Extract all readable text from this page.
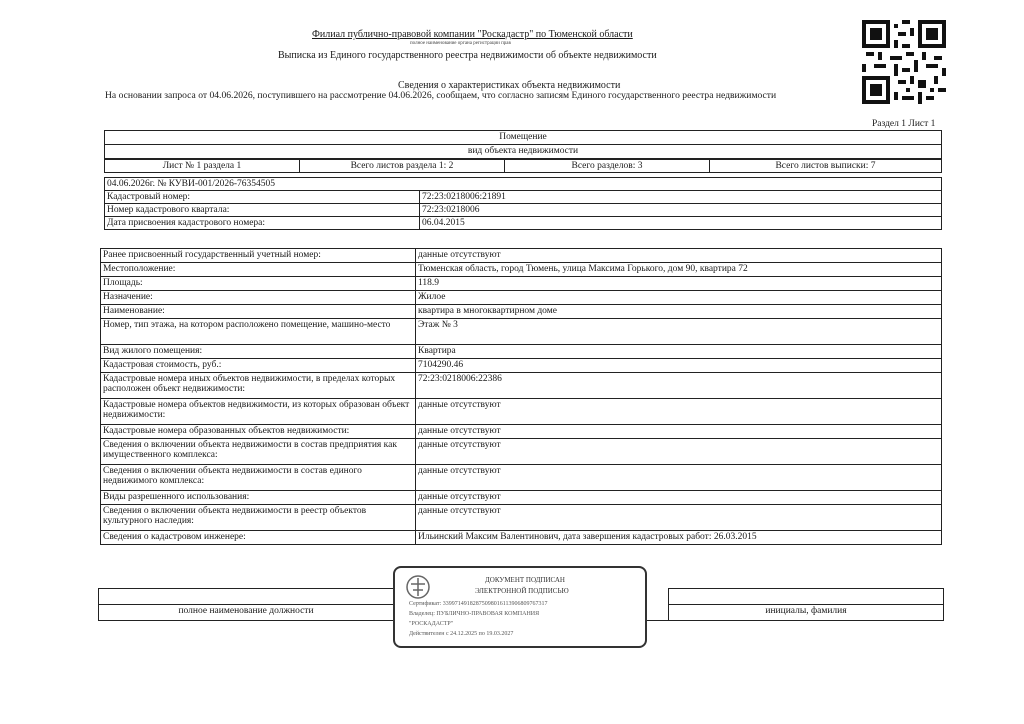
Филиал публично-правовой компании "Роскадастр" по Тюменской области
полное наименование органа регистрации прав
Выписка из Единого государственного реестра недвижимости об объекте недвижимости
Сведения о характеристиках объекта недвижимости
На основании запроса от 04.06.2026, поступившего на рассмотрение 04.06.2026, сообщаем, что согласно записям Единого государственного реестра недвижимости
Раздел 1 Лист 1
Помещение
вид объекта недвижимости
Лист № 1 раздела 1	Всего листов раздела 1: 2	Всего разделов: 3	Всего листов выписки: 7
04.06.2026г. № КУВИ-001/2026-76354505	
Кадастровый номер:	72:23:0218006:21891
Номер кадастрового квартала:	72:23:0218006
Дата присвоения кадастрового номера:	06.04.2015
Ранее присвоенный государственный учетный номер:	данные отсутствуют
Местоположение:	Тюменская область, город Тюмень, улица Максима Горького, дом 90, квартира 72
Площадь:	118.9
Назначение:	Жилое
Наименование:	квартира в многоквартирном доме
Номер, тип этажа, на котором расположено помещение, машино-место	Этаж № 3
Вид жилого помещения:	Квартира
Кадастровая стоимость, руб.:	7104290.46
Кадастровые номера иных объектов недвижимости, в пределах которых расположен объект недвижимости:	72:23:0218006:22386
Кадастровые номера объектов недвижимости, из которых образован объект недвижимости:	данные отсутствуют
Кадастровые номера образованных объектов недвижимости:	данные отсутствуют
Сведения о включении объекта недвижимости в состав предприятия как имущественного комплекса:	данные отсутствуют
Сведения о включении объекта недвижимости в состав единого недвижимого комплекса:	данные отсутствуют
Виды разрешенного использования:	данные отсутствуют
Сведения о включении объекта недвижимости в реестр объектов культурного наследия:	данные отсутствуют
Сведения о кадастровом инженере:	Ильинский Максим Валентинович, дата завершения кадастровых работ: 26.03.2015

полное наименование должности		инициалы, фамилия
ДОКУМЕНТ ПОДПИСАН
ЭЛЕКТРОННОЙ ПОДПИСЬЮ
Сертификат: 33997149182875098016113906809767317
Владелец: ПУБЛИЧНО-ПРАВОВАЯ КОМПАНИЯ
"РОСКАДАСТР"
Действителен с 24.12.2025 по 19.03.2027
